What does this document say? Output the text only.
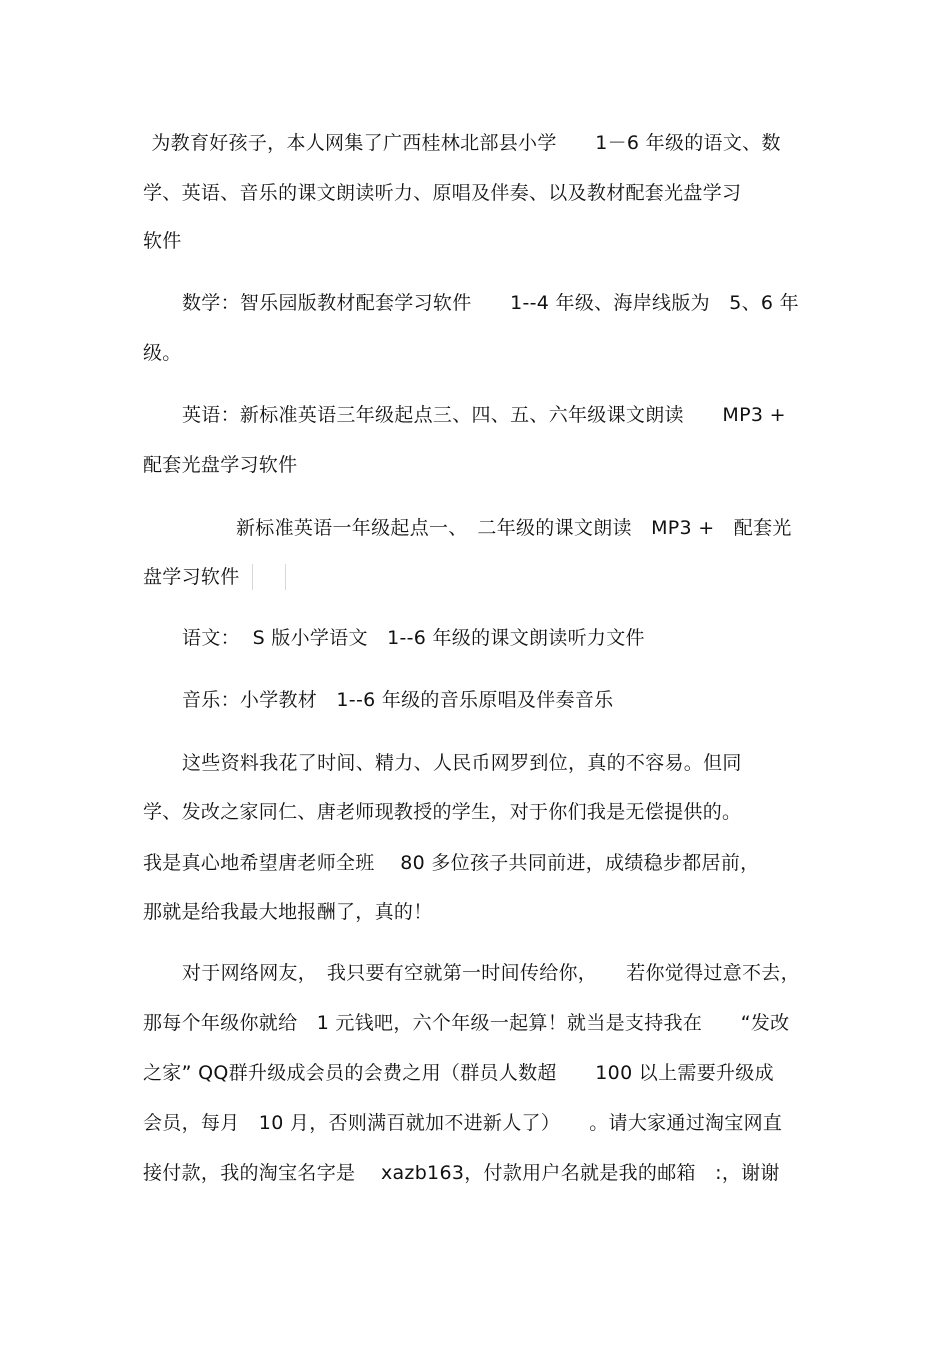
为教育好孩子，本人网集了广西桂林北部县小学　　1－6 年级的语文、数
学、英语、音乐的课文朗读听力、原唱及伴奏、以及教材配套光盘学习
软件
数学：智乐园版教材配套学习软件　　1--4 年级、海岸线版为　5、6 年
级。
英语：新标准英语三年级起点三、四、五、六年级课文朗读　　MP3 +
配套光盘学习软件
新标准英语一年级起点一、　二年级的课文朗读　MP3 +　配套光
盘学习软件
语文：  S 版小学语文　1--6 年级的课文朗读听力文件
音乐：小学教材　1--6 年级的音乐原唱及伴奏音乐
这些资料我花了时间、精力、人民币网罗到位，真的不容易。但同
学、发改之家同仁、唐老师现教授的学生，对于你们我是无偿提供的。
我是真心地希望唐老师全班　 80 多位孩子共同前进，成绩稳步都居前，
那就是给我最大地报酬了，真的！
对于网络网友，　我只要有空就第一时间传给你，　　若你觉得过意不去，
那每个年级你就给　1 元钱吧，六个年级一起算！就当是支持我在　　“发改
之家” QQ群升级成会员的会费之用（群员人数超　　100 以上需要升级成
会员，每月　10 月，否则满百就加不进新人了）　　。请大家通过淘宝网直
接付款，我的淘宝名字是　 xazb163，付款用户名就是我的邮箱　:，谢谢
